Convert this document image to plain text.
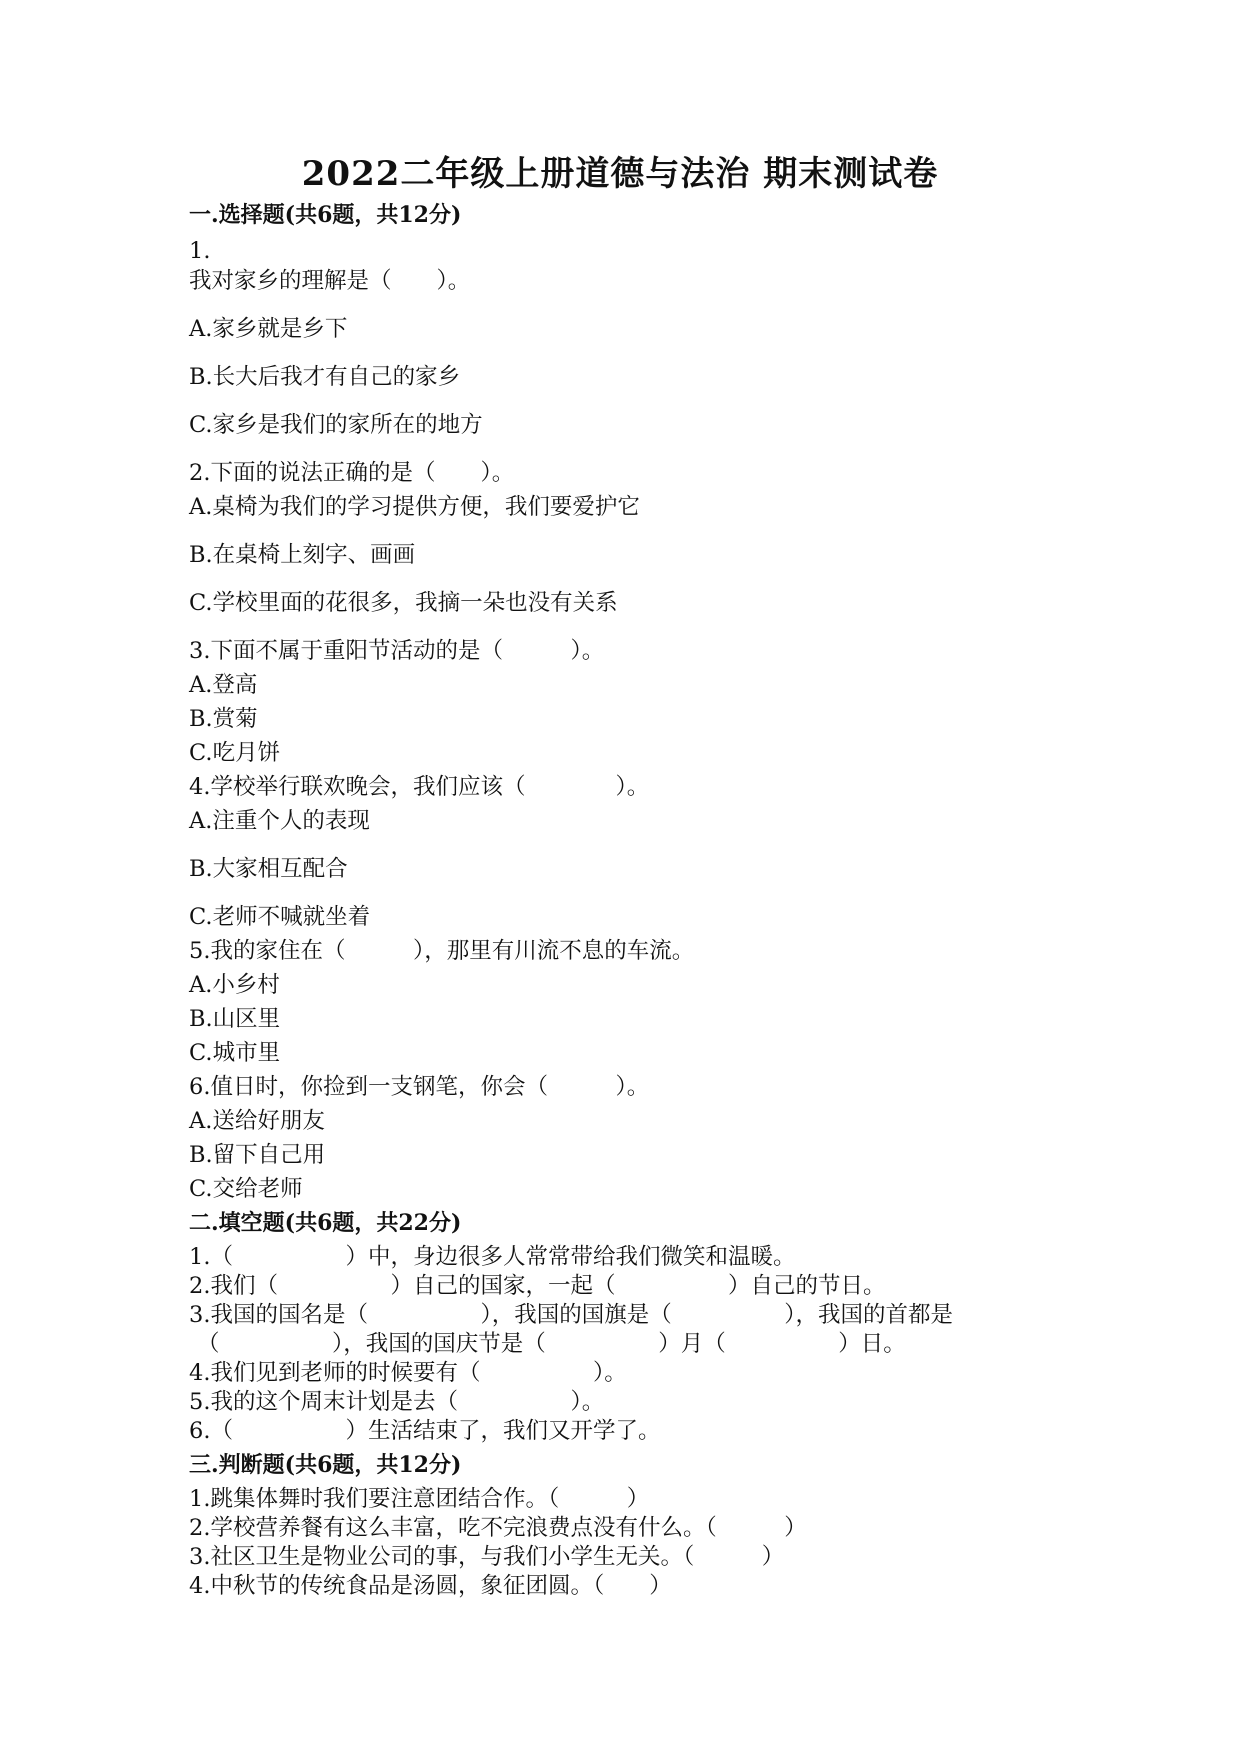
2022二年级上册道德与法治 期末测试卷
一.选择题(共6题，共12分)
1.
我对家乡的理解是（　　）。
A.家乡就是乡下
B.长大后我才有自己的家乡
C.家乡是我们的家所在的地方
2.下面的说法正确的是（　　）。
A.桌椅为我们的学习提供方便，我们要爱护它
B.在桌椅上刻字、画画
C.学校里面的花很多，我摘一朵也没有关系
3.下面不属于重阳节活动的是（　　　）。
A.登高
B.赏菊
C.吃月饼
4.学校举行联欢晚会，我们应该（　　　　）。
A.注重个人的表现
B.大家相互配合
C.老师不喊就坐着
5.我的家住在（　　　），那里有川流不息的车流。
A.小乡村
B.山区里
C.城市里
6.值日时，你捡到一支钢笔，你会（　　　）。
A.送给好朋友
B.留下自己用
C.交给老师
二.填空题(共6题，共22分)
1.（　　　　　）中，身边很多人常常带给我们微笑和温暖。
2.我们（　　　　　）自己的国家，一起（　　　　　）自己的节日。
3.我国的国名是（　　　　　），我国的国旗是（　　　　　），我国的首都是
（　　　　　），我国的国庆节是（　　　　　）月（　　　　　）日。
4.我们见到老师的时候要有（　　　　　）。
5.我的这个周末计划是去（　　　　　）。
6.（　　　　　）生活结束了，我们又开学了。
三.判断题(共6题，共12分)
1.跳集体舞时我们要注意团结合作。（　　　）
2.学校营养餐有这么丰富，吃不完浪费点没有什么。（　　　）
3.社区卫生是物业公司的事，与我们小学生无关。（　　　）
4.中秋节的传统食品是汤圆，象征团圆。（　　）
